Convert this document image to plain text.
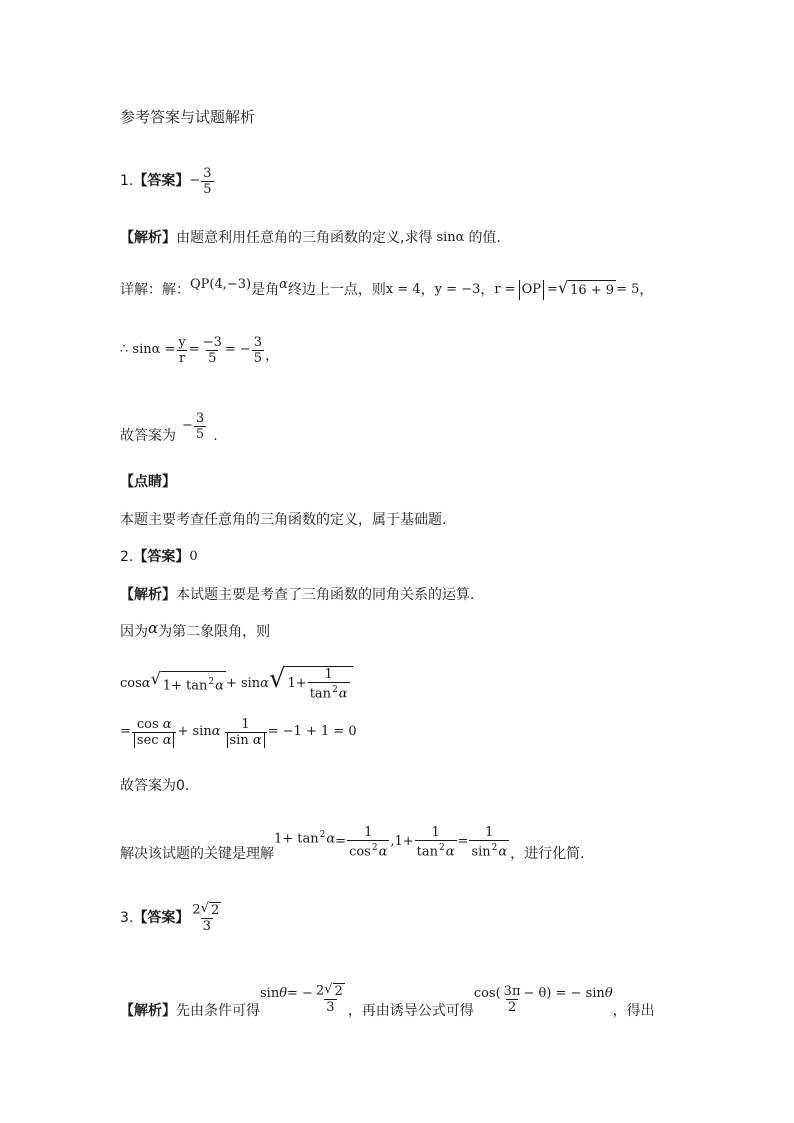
参考答案与试题解析
1. 【答案】 − $\frac{3}{5}$
【解析】 由题意利用任意角的三角函数的定义,求得 sinα 的值.
详解：解： QP (4,−3) 是角 α 终边上一点，则 x = 4 ， y = −3 ， r = OP = √ 16 + 9 = 5 ，
∴ $\sin\alpha = \frac{y}{r} = \frac{-3}{5}$ = − $\frac{3}{5}$ ，
故答案为
− $\frac{3}{5}$ .
【点睛】
本题主要考查任意角的三角函数的定义，属于基础题.
2. 【答案】 0
【解析】 本试题主要是考查了三角函数的同角关系的运算.
因为 α 为第二象限角，则
cos α √ $1+ \tan^2\alpha + \sin \alpha$ √ $1+ \frac{1}{\tan^2\alpha}$
= $\frac{\text{cos α}}{\text{sec α}} + \sin \alpha \frac{1}{\text{sin α}} = -1 + 1 = 0$
故答案为0.
解决该试题的关键是理解
$1+ \tan^2\alpha = \frac{1}{\cos^2\alpha} ,1+ \frac{1}{\tan^2\alpha} = \frac{1}{\sin^2\alpha}$ ，进行化简.
3. 【答案】 $\frac{2 √ 2}{3}$
【解析】 先由条件可得
sin θ = − $\frac{2 √ 2}{3}$ ，再由诱导公式可得
$\cos( \frac{3\pi}{2} - \theta)$ = − sin θ
，得出
